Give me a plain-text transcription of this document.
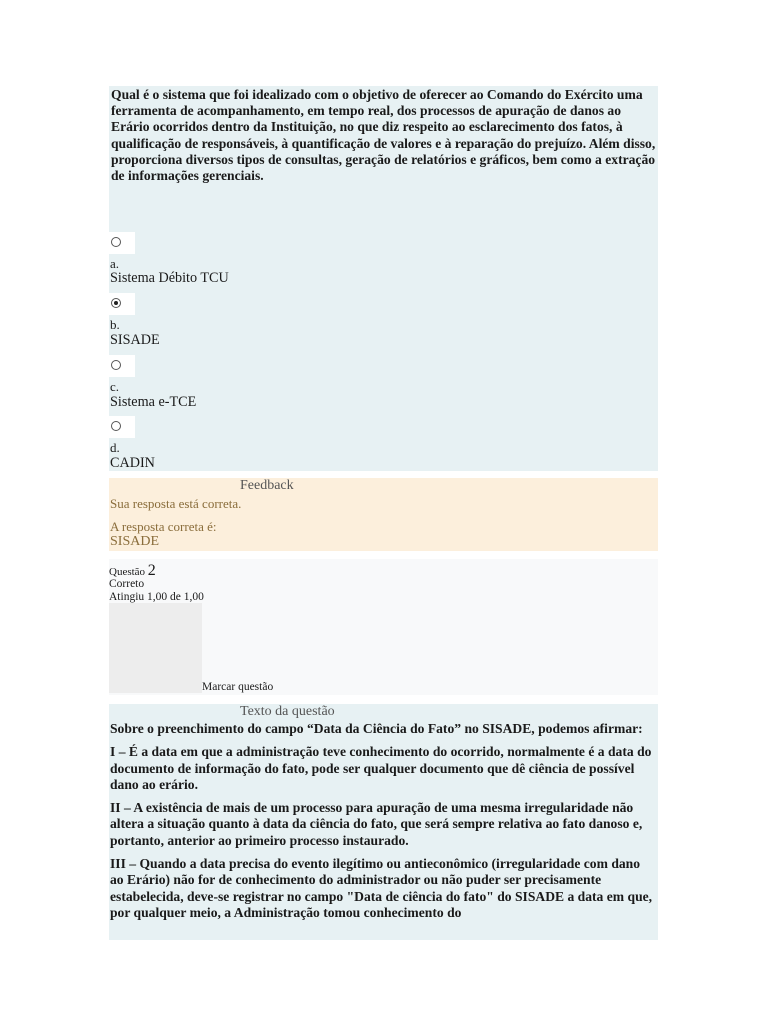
Qual é o sistema que foi idealizado com o objetivo de oferecer ao Comando do Exército uma ferramenta de acompanhamento, em tempo real, dos processos de apuração de danos ao Erário ocorridos dentro da Instituição, no que diz respeito ao esclarecimento dos fatos, à qualificação de responsáveis, à quantificação de valores e à reparação do prejuízo. Além disso, proporciona diversos tipos de consultas, geração de relatórios e gráficos, bem como a extração de informações gerenciais.

a.
Sistema Débito TCU
b.
SISADE
c.
Sistema e-TCE
d.
CADIN
Feedback
Sua resposta está correta.
A resposta correta é:
SISADE
Questão 2
Correto
Atingiu 1,00 de 1,00
Marcar questão
Texto da questão

Sobre o preenchimento do campo “Data da Ciência do Fato” no SISADE, podemos afirmar:

I – É a data em que a administração teve conhecimento do ocorrido, normalmente é a data do documento de informação do fato, pode ser qualquer documento que dê ciência de possível dano ao erário.

II – A existência de mais de um processo para apuração de uma mesma irregularidade não altera a situação quanto à data da ciência do fato, que será sempre relativa ao fato danoso e, portanto, anterior ao primeiro processo instaurado.

III – Quando a data precisa do evento ilegítimo ou antieconômico (irregularidade com dano ao Erário) não for de conhecimento do administrador ou não puder ser precisamente estabelecida, deve-se registrar no campo "Data de ciência do fato" do SISADE a data em que, por qualquer meio, a Administração tomou conhecimento do
